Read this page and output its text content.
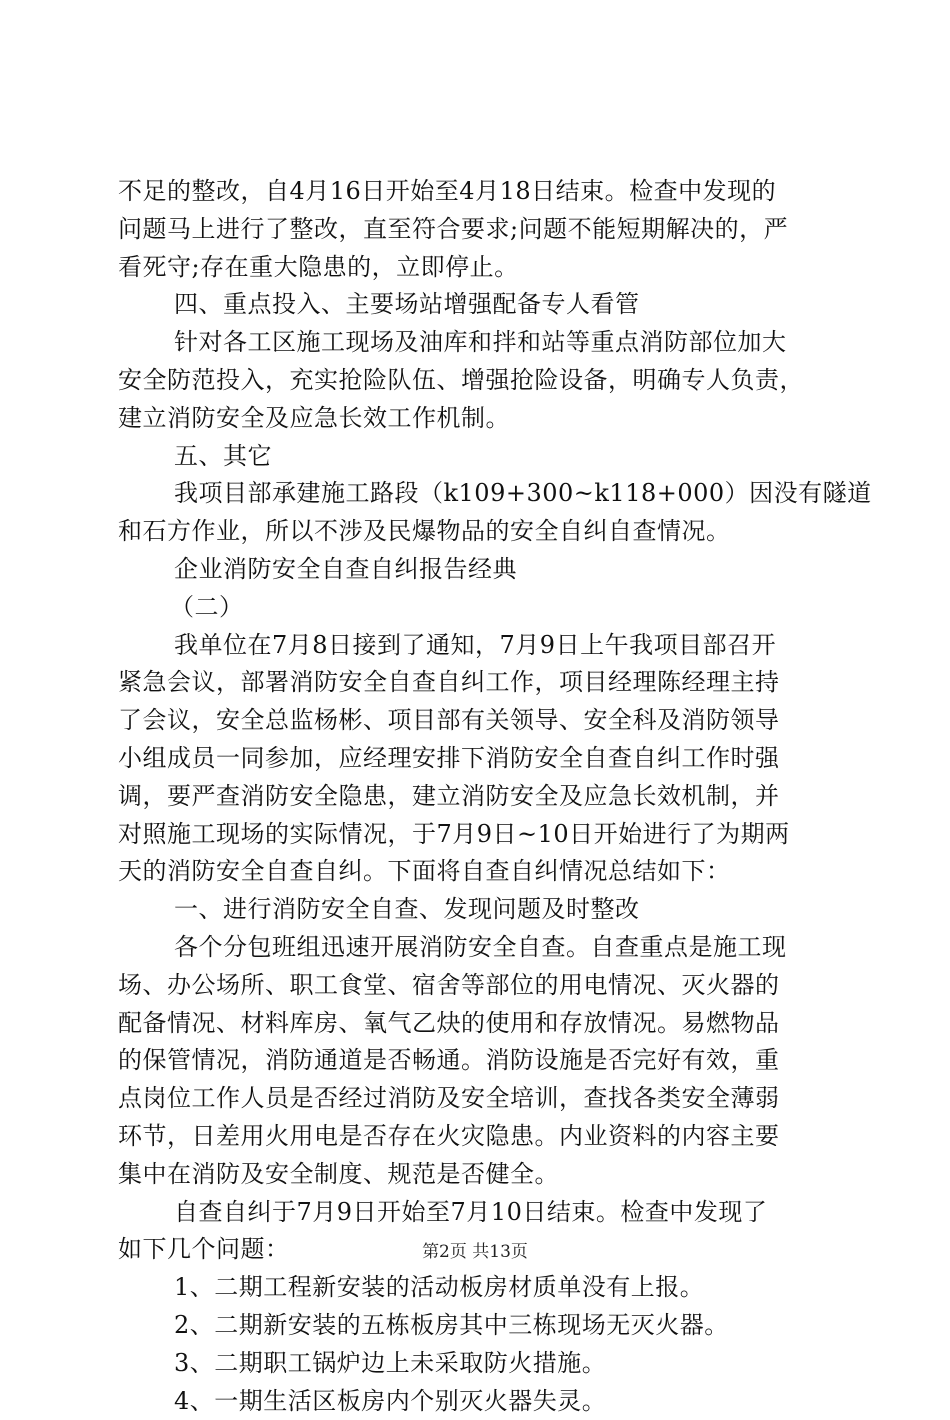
不足的整改，自4月16日开始至4月18日结束。检查中发现的
问题马上进行了整改，直至符合要求;问题不能短期解决的，严
看死守;存在重大隐患的，立即停止。
四、重点投入、主要场站增强配备专人看管
针对各工区施工现场及油库和拌和站等重点消防部位加大
安全防范投入，充实抢险队伍、增强抢险设备，明确专人负责，
建立消防安全及应急长效工作机制。
五、其它
我项目部承建施工路段（k109+300~k118+000）因没有隧道
和石方作业，所以不涉及民爆物品的安全自纠自查情况。
企业消防安全自查自纠报告经典
（二）
我单位在7月8日接到了通知，7月9日上午我项目部召开
紧急会议，部署消防安全自查自纠工作，项目经理陈经理主持
了会议，安全总监杨彬、项目部有关领导、安全科及消防领导
小组成员一同参加，应经理安排下消防安全自查自纠工作时强
调，要严查消防安全隐患，建立消防安全及应急长效机制，并
对照施工现场的实际情况，于7月9日~10日开始进行了为期两
天的消防安全自查自纠。下面将自查自纠情况总结如下：
一、进行消防安全自查、发现问题及时整改
各个分包班组迅速开展消防安全自查。自查重点是施工现
场、办公场所、职工食堂、宿舍等部位的用电情况、灭火器的
配备情况、材料库房、氧气乙炔的使用和存放情况。易燃物品
的保管情况，消防通道是否畅通。消防设施是否完好有效，重
点岗位工作人员是否经过消防及安全培训，查找各类安全薄弱
环节，日差用火用电是否存在火灾隐患。内业资料的内容主要
集中在消防及安全制度、规范是否健全。
自查自纠于7月9日开始至7月10日结束。检查中发现了
如下几个问题：
1、二期工程新安装的活动板房材质单没有上报。
2、二期新安装的五栋板房其中三栋现场无灭火器。
3、二期职工锅炉边上未采取防火措施。
4、一期生活区板房内个别灭火器失灵。
第2页 共13页
